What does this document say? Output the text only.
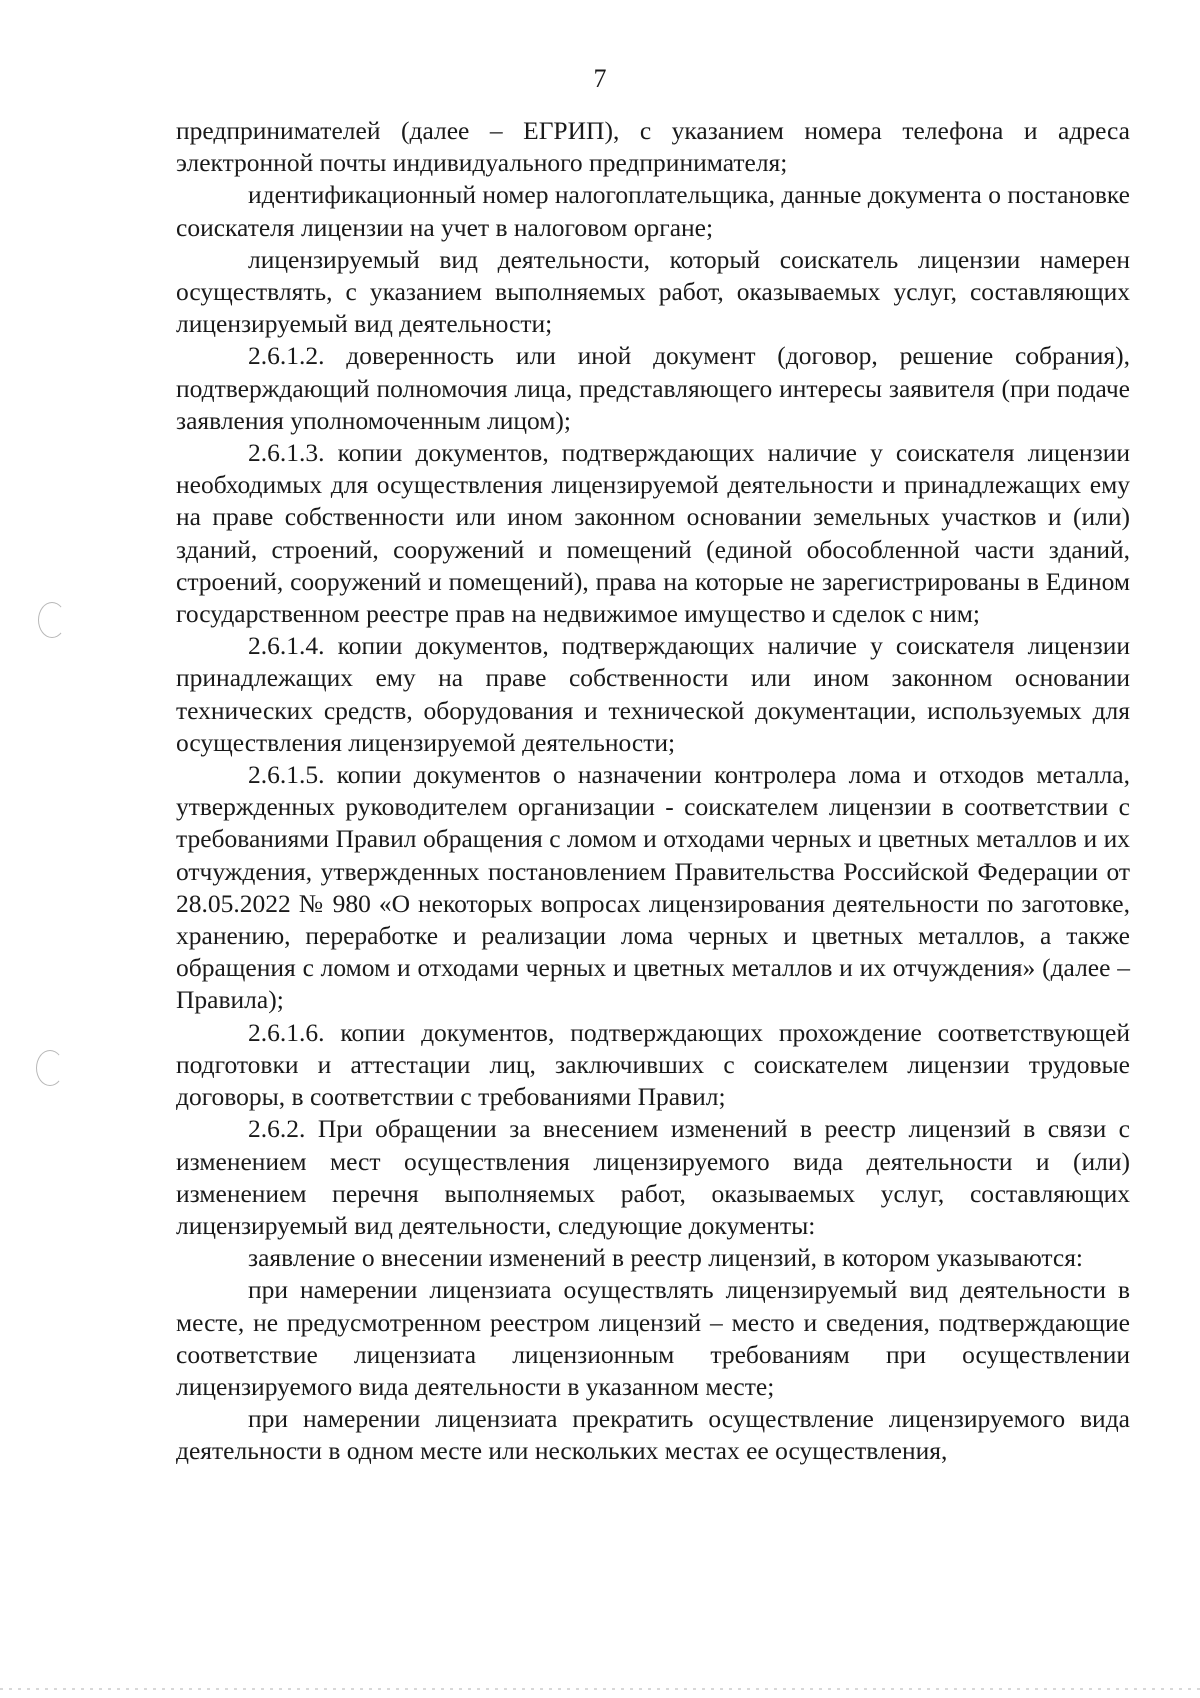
7

предпринимателей (далее – ЕГРИП), с указанием номера телефона и адреса электронной почты индивидуального предпринимателя;

идентификационный номер налогоплательщика, данные документа о постановке соискателя лицензии на учет в налоговом органе;

лицензируемый вид деятельности, который соискатель лицензии намерен осуществлять, с указанием выполняемых работ, оказываемых услуг, составляющих лицензируемый вид деятельности;

2.6.1.2. доверенность или иной документ (договор, решение собрания), подтверждающий полномочия лица, представляющего интересы заявителя (при подаче заявления уполномоченным лицом);

2.6.1.3. копии документов, подтверждающих наличие у соискателя лицензии необходимых для осуществления лицензируемой деятельности и принадлежащих ему на праве собственности или ином законном основании земельных участков и (или) зданий, строений, сооружений и помещений (единой обособленной части зданий, строений, сооружений и помещений), права на которые не зарегистрированы в Едином государственном реестре прав на недвижимое имущество и сделок с ним;

2.6.1.4. копии документов, подтверждающих наличие у соискателя лицензии принадлежащих ему на праве собственности или ином законном основании технических средств, оборудования и технической документации, используемых для осуществления лицензируемой деятельности;

2.6.1.5. копии документов о назначении контролера лома и отходов металла, утвержденных руководителем организации - соискателем лицензии в соответствии с требованиями Правил обращения с ломом и отходами черных и цветных металлов и их отчуждения, утвержденных постановлением Правительства Российской Федерации от 28.05.2022 № 980 «О некоторых вопросах лицензирования деятельности по заготовке, хранению, переработке и реализации лома черных и цветных металлов, а также обращения с ломом и отходами черных и цветных металлов и их отчуждения» (далее – Правила);

2.6.1.6. копии документов, подтверждающих прохождение соответствующей подготовки и аттестации лиц, заключивших с соискателем лицензии трудовые договоры, в соответствии с требованиями Правил;

2.6.2. При обращении за внесением изменений в реестр лицензий в связи с изменением мест осуществления лицензируемого вида деятельности и (или) изменением перечня выполняемых работ, оказываемых услуг, составляющих лицензируемый вид деятельности, следующие документы:

заявление о внесении изменений в реестр лицензий, в котором указываются:

при намерении лицензиата осуществлять лицензируемый вид деятельности в месте, не предусмотренном реестром лицензий – место и сведения, подтверждающие соответствие лицензиата лицензионным требованиям при осуществлении лицензируемого вида деятельности в указанном месте;

при намерении лицензиата прекратить осуществление лицензируемого вида деятельности в одном месте или нескольких местах ее осуществления,
